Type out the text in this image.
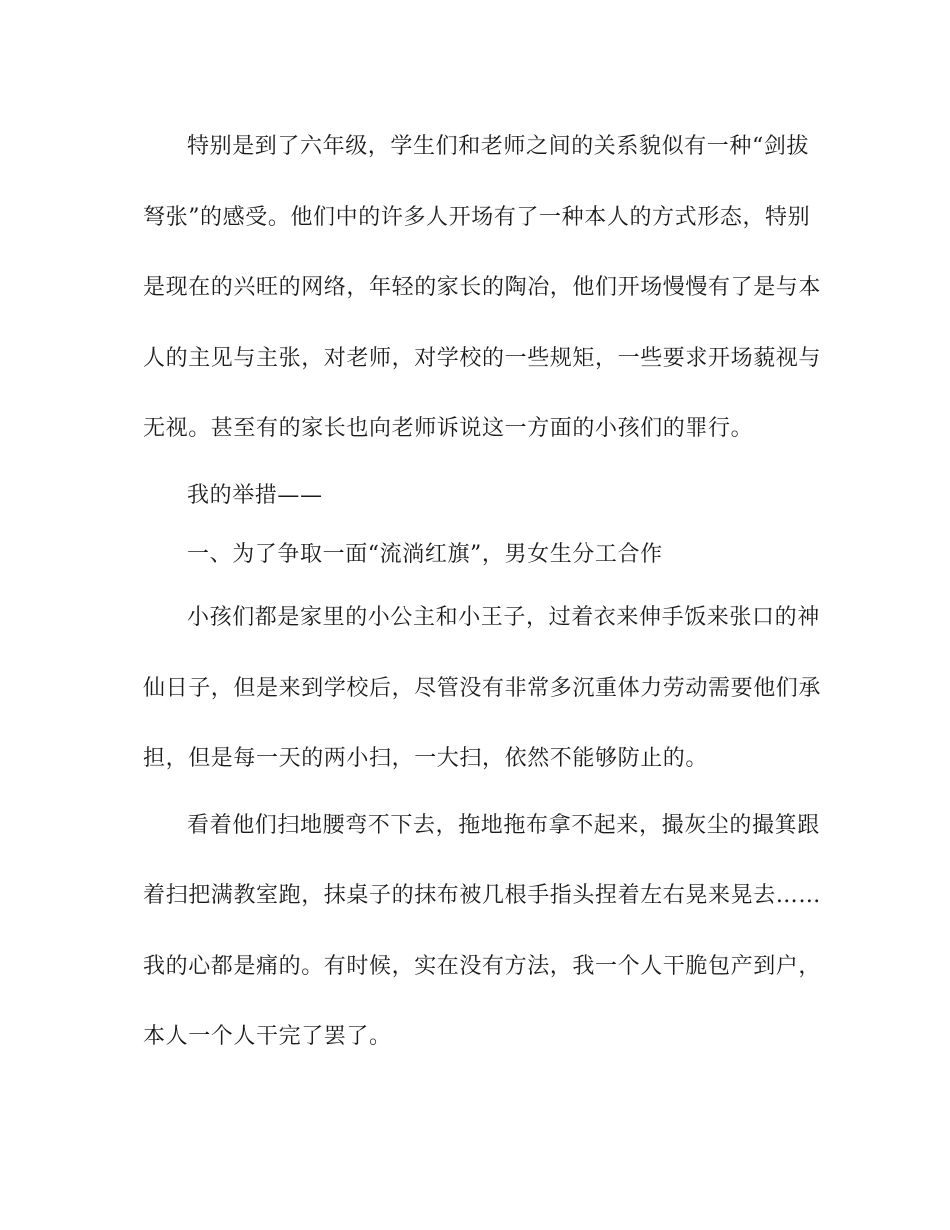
特别是到了六年级，学生们和老师之间的关系貌似有一种“剑拔
弩张”的感受。他们中的许多人开场有了一种本人的方式形态，特别
是现在的兴旺的网络，年轻的家长的陶冶，他们开场慢慢有了是与本
人的主见与主张，对老师，对学校的一些规矩，一些要求开场藐视与
无视。甚至有的家长也向老师诉说这一方面的小孩们的罪行。
我的举措——
一、为了争取一面“流淌红旗”，男女生分工合作
小孩们都是家里的小公主和小王子，过着衣来伸手饭来张口的神
仙日子，但是来到学校后，尽管没有非常多沉重体力劳动需要他们承
担，但是每一天的两小扫，一大扫，依然不能够防止的。
看着他们扫地腰弯不下去，拖地拖布拿不起来，撮灰尘的撮箕跟
着扫把满教室跑，抹桌子的抹布被几根手指头捏着左右晃来晃去……
我的心都是痛的。有时候，实在没有方法，我一个人干脆包产到户，
本人一个人干完了罢了。
